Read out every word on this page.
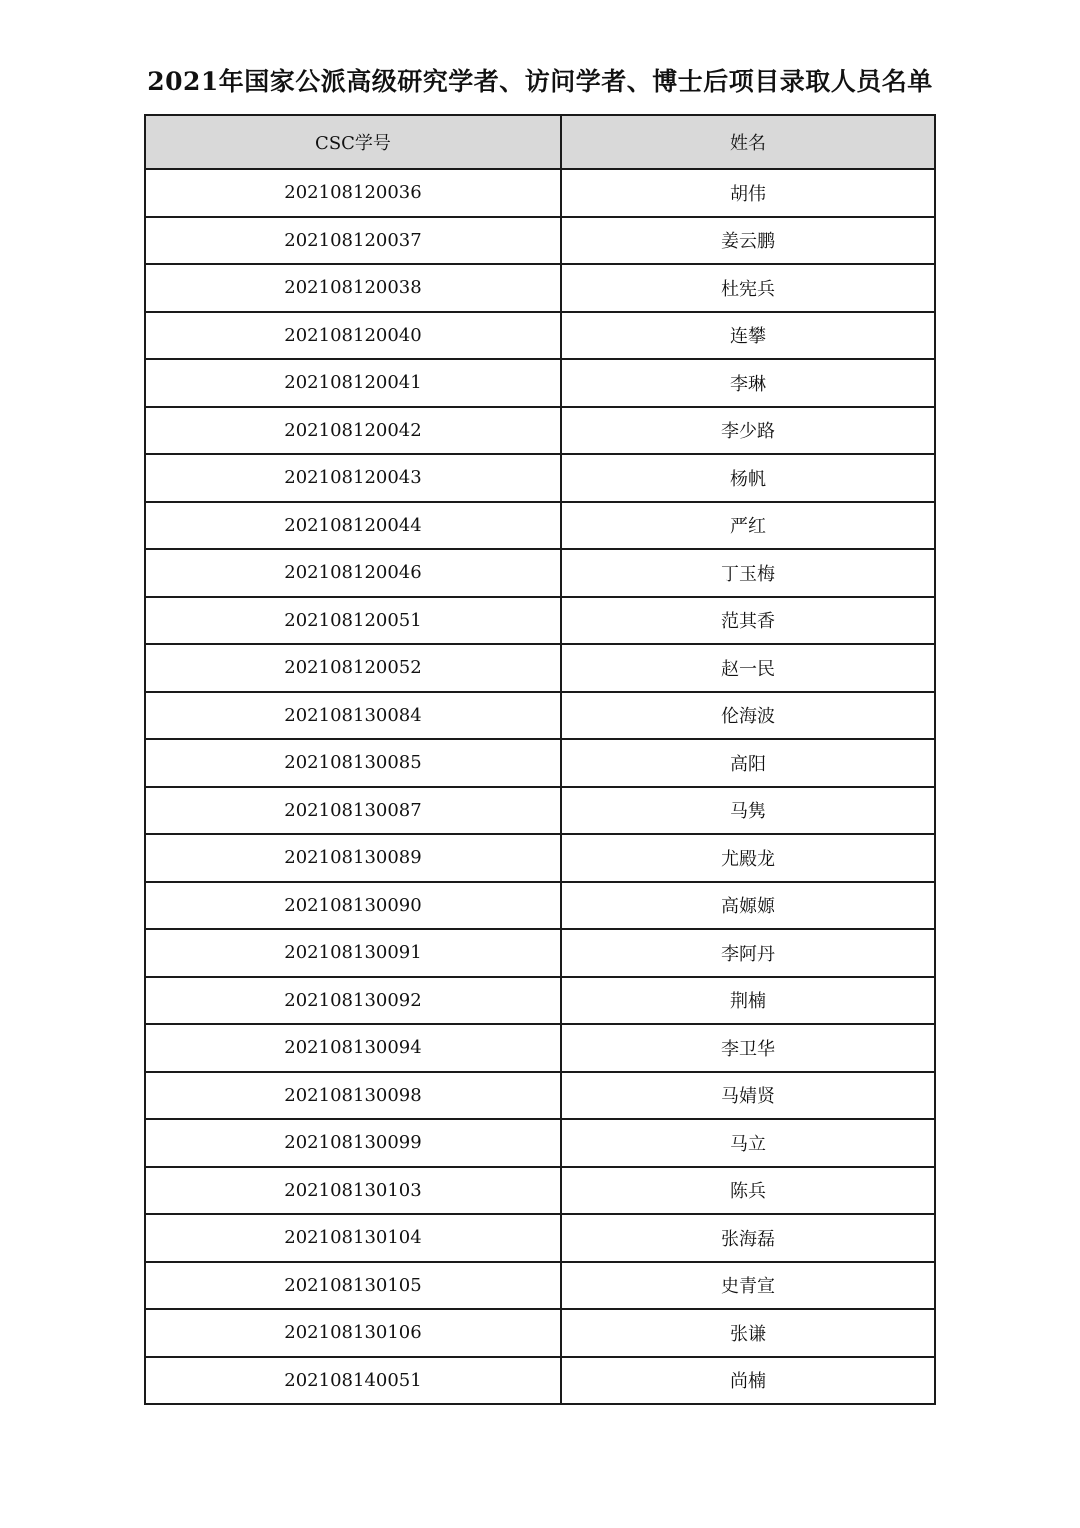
2021年国家公派高级研究学者、访问学者、博士后项目录取人员名单
CSC学号	姓名
202108120036	胡伟
202108120037	姜云鹏
202108120038	杜宪兵
202108120040	连攀
202108120041	李琳
202108120042	李少路
202108120043	杨帆
202108120044	严红
202108120046	丁玉梅
202108120051	范其香
202108120052	赵一民
202108130084	伦海波
202108130085	高阳
202108130087	马隽
202108130089	尤殿龙
202108130090	高嫄嫄
202108130091	李阿丹
202108130092	荆楠
202108130094	李卫华
202108130098	马婧贤
202108130099	马立
202108130103	陈兵
202108130104	张海磊
202108130105	史青宣
202108130106	张谦
202108140051	尚楠
